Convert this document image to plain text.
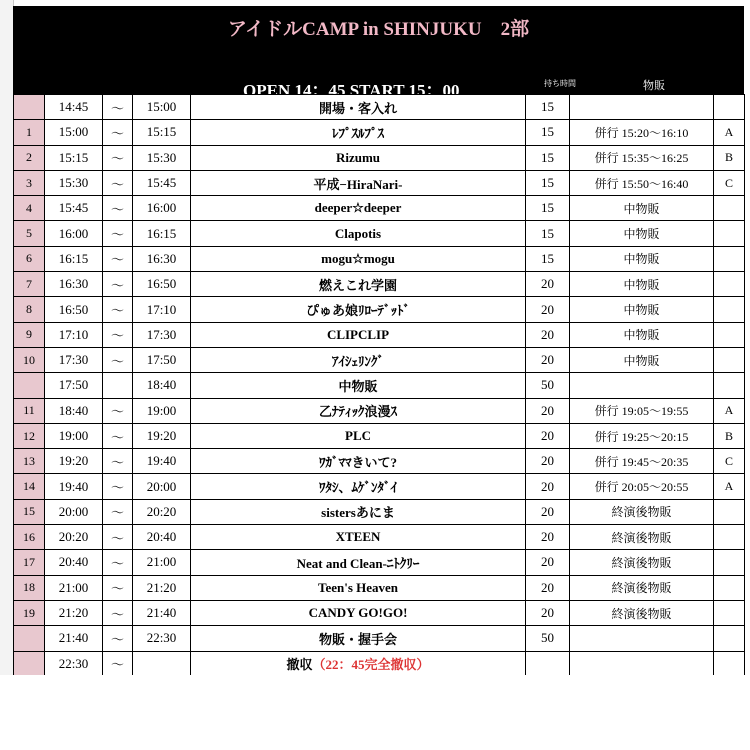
アイドルCAMP in SHINJUKU　2部
OPEN 14：45 START 15：00	持ち時間	物販
	14:45	～	15:00	開場・客入れ	15		
1	15:00	～	15:15	ﾚﾌﾟｽﾙﾌﾟｽ	15	併行 15:20～16:10	A
2	15:15	～	15:30	Rizumu	15	併行 15:35～16:25	B
3	15:30	～	15:45	平成−HiraNari-	15	併行 15:50～16:40	C
4	15:45	～	16:00	deeper☆deeper	15	中物販	
5	16:00	～	16:15	Clapotis	15	中物販	
6	16:15	～	16:30	mogu☆mogu	15	中物販	
7	16:30	～	16:50	燃えこれ学園	20	中物販	
8	16:50	～	17:10	ぴゅあ娘ﾘﾛｰﾃﾞｯﾄﾞ	20	中物販	
9	17:10	～	17:30	CLIPCLIP	20	中物販	
10	17:30	～	17:50	ｱｲｼｪﾘﾝｸﾞ	20	中物販	
	17:50		18:40	中物販	50		
11	18:40	～	19:00	乙ﾅﾃｨｯｸ浪漫ｽ	20	併行 19:05～19:55	A
12	19:00	～	19:20	PLC	20	併行 19:25～20:15	B
13	19:20	～	19:40	ﾜｶﾞﾏﾏきいて?	20	併行 19:45～20:35	C
14	19:40	～	20:00	ﾜﾀｼ、ﾑｹﾞﾝﾀﾞｲ	20	併行 20:05～20:55	A
15	20:00	～	20:20	sistersあにま	20	終演後物販	
16	20:20	～	20:40	XTEEN	20	終演後物販	
17	20:40	～	21:00	Neat and Clean-ﾆﾄｸﾘｰ	20	終演後物販	
18	21:00	～	21:20	Teen's Heaven	20	終演後物販	
19	21:20	～	21:40	CANDY GO!GO!	20	終演後物販	
	21:40	～	22:30	物販・握手会	50		
	22:30	～		撤収（22：45完全撤収）			
